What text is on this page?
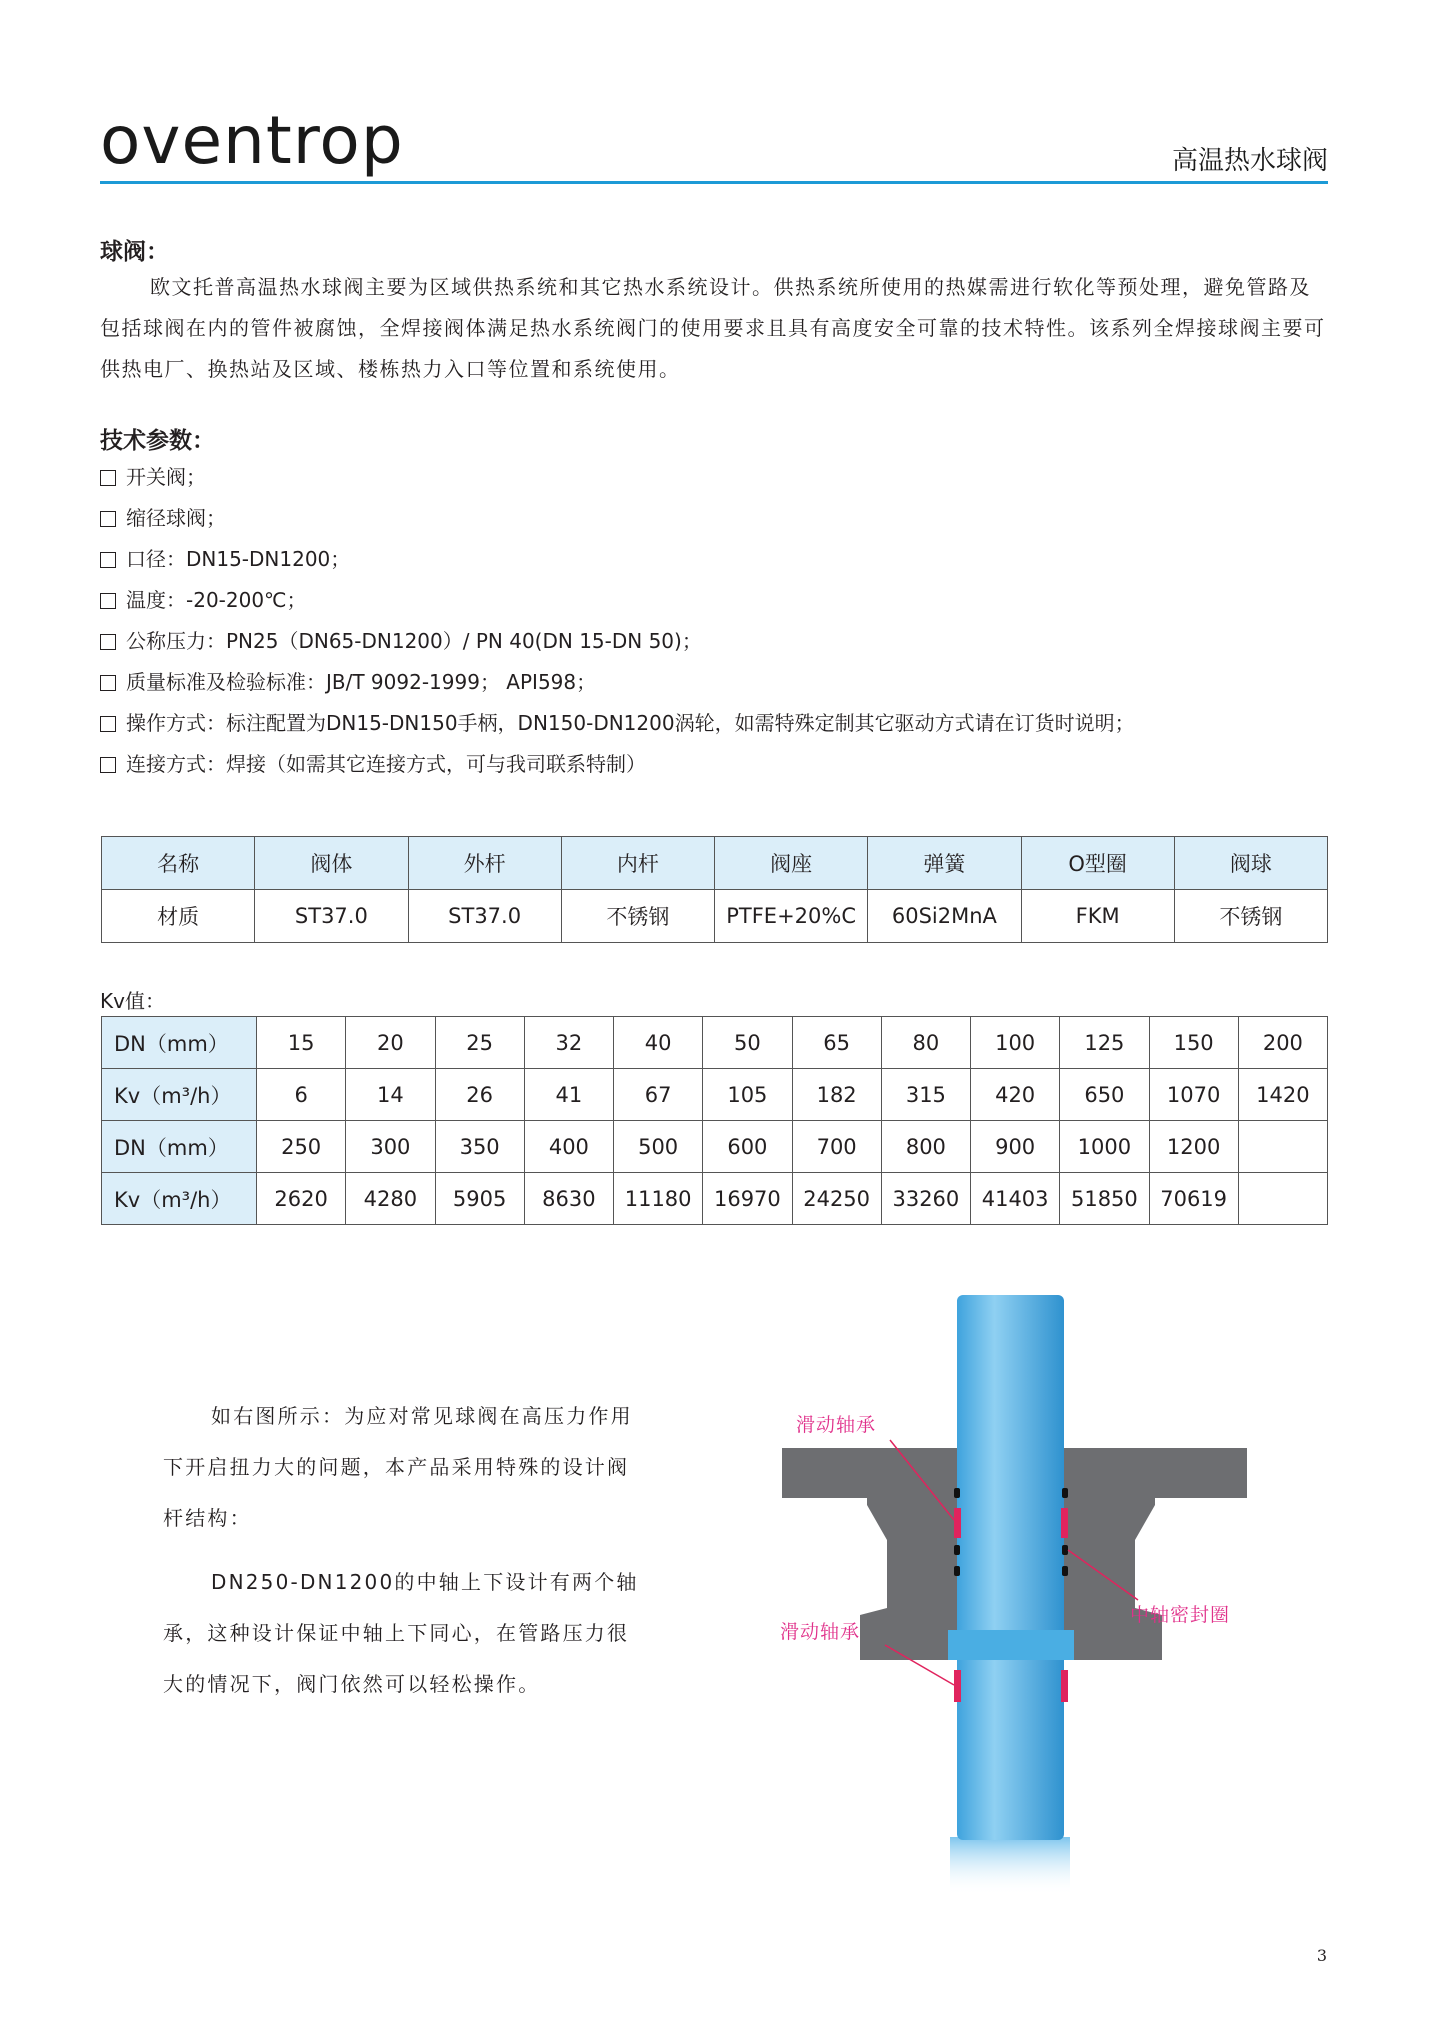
oventrop	高温热水球阀
球阀：

欧文托普高温热水球阀主要为区域供热系统和其它热水系统设计。供热系统所使用的热媒需进行软化等预处理，避免管路及包括球阀在内的管件被腐蚀，全焊接阀体满足热水系统阀门的使用要求且具有高度安全可靠的技术特性。该系列全焊接球阀主要可供热电厂、换热站及区域、楼栋热力入口等位置和系统使用。

技术参数：
开关阀；
缩径球阀；
口径：DN15-DN1200；
温度：-20-200℃；
公称压力：PN25（DN65-DN1200）/ PN 40(DN 15-DN 50)；
质量标准及检验标准：JB/T 9092-1999； API598；
操作方式：标注配置为DN15-DN150手柄，DN150-DN1200涡轮，如需特殊定制其它驱动方式请在订货时说明；
连接方式：焊接（如需其它连接方式，可与我司联系特制）
名称	阀体	外杆	内杆	阀座	弹簧	O型圈	阀球
材质	ST37.0	ST37.0	不锈钢	PTFE+20%C	60Si2MnA	FKM	不锈钢
Kv值：
DN（mm）	15	20	25	32	40	50	65	80	100	125	150	200
Kv（m³/h）	6	14	26	41	67	105	182	315	420	650	1070	1420
DN（mm）	250	300	350	400	500	600	700	800	900	1000	1200	
Kv（m³/h）	2620	4280	5905	8630	11180	16970	24250	33260	41403	51850	70619	

如右图所示：为应对常见球阀在高压力作用下开启扭力大的问题，本产品采用特殊的设计阀杆结构：

DN250-DN1200的中轴上下设计有两个轴承，这种设计保证中轴上下同心，在管路压力很大的情况下，阀门依然可以轻松操作。

滑动轴承
滑动轴承
中轴密封圈
3
